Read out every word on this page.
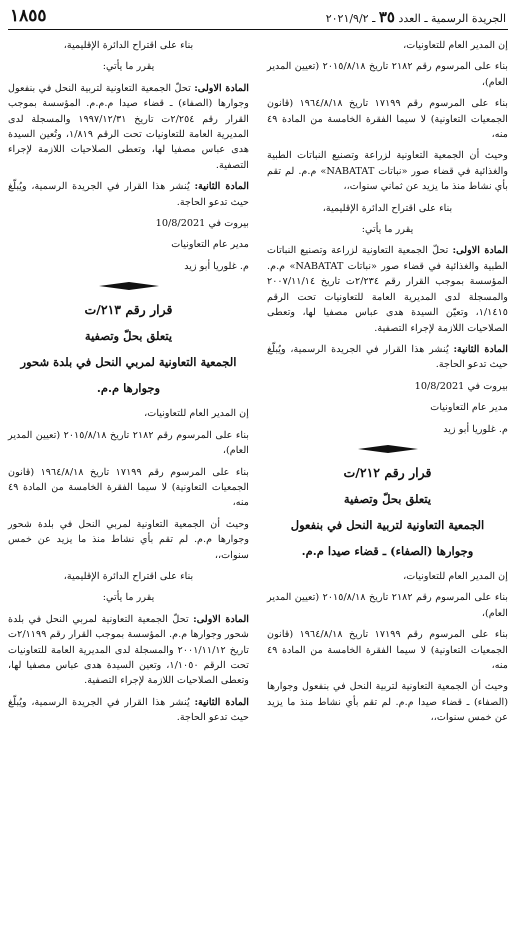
الجريدة الرسمية ـ العدد ٣٥ ـ ٢٠٢١/٩/٢
١٨٥٥

إن المدير العام للتعاونيات،

بناء على المرسوم رقم ٢١٨٢ تاريخ ٢٠١٥/٨/١٨ (تعيين المدير العام)،

بناء على المرسوم رقم ١٧١٩٩ تاريخ ١٩٦٤/٨/١٨ (قانون الجمعيات التعاونية) لا سيما الفقرة الخامسة من المادة ٤٩ منه،

وحيث أن الجمعية التعاونية لزراعة وتصنيع النباتات الطبية والغذائية في قضاء صور «نباتات NABATAT» م.م. لم تقم بأي نشاط منذ ما يزيد عن ثماني سنوات،،

بناء على اقتراح الدائرة الإقليمية،

يقرر ما يأتي:

المادة الاولى: تحلّ الجمعية التعاونية لزراعة وتصنيع النباتات الطبية والغذائية في قضاء صور «نباتات NABATAT» م.م. المؤسسة بموجب القرار رقم ٢/٢٣٤ت تاريخ ٢٠٠٧/١١/١٤ والمسجلة لدى المديرية العامة للتعاونيات تحت الرقم ١/١٤١٥، وتعيّن السيدة هدى عباس مصفيا لها، وتعطى الصلاحيات اللازمة لإجراء التصفية.

المادة الثانية: يُنشر هذا القرار في الجريدة الرسمية، ويُبلّغ حيث تدعو الحاجة.

بيروت في 10/8/2021

مدير عام التعاونيات

م. غلوريا أبو زيد

قرار رقم ٢١٢/ت

يتعلق بحلّ وتصفية

الجمعية التعاونية لتربية النحل في بنفعول

وجوارها (الصفاء) ـ قضاء صيدا م.م.

إن المدير العام للتعاونيات،

بناء على المرسوم رقم ٢١٨٢ تاريخ ٢٠١٥/٨/١٨ (تعيين المدير العام)،

بناء على المرسوم رقم ١٧١٩٩ تاريخ ١٩٦٤/٨/١٨ (قانون الجمعيات التعاونية) لا سيما الفقرة الخامسة من المادة ٤٩ منه،

وحيث أن الجمعية التعاونية لتربية النحل في بنفعول وجوارها (الصفاء) ـ قضاء صيدا م.م. لم تقم بأي نشاط منذ ما يزيد عن خمس سنوات،،

بناء على اقتراح الدائرة الإقليمية،

يقرر ما يأتي:

المادة الاولى: تحلّ الجمعية التعاونية لتربية النحل في بنفعول وجوارها (الصفاء) ـ قضاء صيدا م.م.م. المؤسسة بموجب القرار رقم ٢/٢٥٤ت تاريخ ١٩٩٧/١٢/٣١ والمسجلة لدى المديرية العامة للتعاونيات تحت الرقم ١/٨١٩، وتُعين السيدة هدى عباس مصفيا لها، وتعطى الصلاحيات اللازمة لإجراء التصفية.

المادة الثانية: يُنشر هذا القرار في الجريدة الرسمية، ويُبلّغ حيث تدعو الحاجة.

بيروت في 10/8/2021

مدير عام التعاونيات

م. غلوريا أبو زيد

قرار رقم ٢١٣/ت

يتعلق بحلّ وتصفية

الجمعية التعاونية لمربي النحل في بلدة شحور

وجوارها م.م.

إن المدير العام للتعاونيات،

بناء على المرسوم رقم ٢١٨٢ تاريخ ٢٠١٥/٨/١٨ (تعيين المدير العام)،

بناء على المرسوم رقم ١٧١٩٩ تاريخ ١٩٦٤/٨/١٨ (قانون الجمعيات التعاونية) لا سيما الفقرة الخامسة من المادة ٤٩ منه،

وحيث أن الجمعية التعاونية لمربي النحل في بلدة شحور وجوارها م.م. لم تقم بأي نشاط منذ ما يزيد عن خمس سنوات،،

بناء على اقتراح الدائرة الإقليمية،

يقرر ما يأتي:

المادة الاولى: تحلّ الجمعية التعاونية لمربي النحل في بلدة شحور وجوارها م.م. المؤسسة بموجب القرار رقم ٢/١١٩٩ت تاريخ ٢٠٠١/١١/١٢ والمسجلة لدى المديرية العامة للتعاونيات تحت الرقم ١/١٠٥٠، وتعين السيدة هدى عباس مصفيا لها، وتعطى الصلاحيات اللازمة لإجراء التصفية.

المادة الثانية: يُنشر هذا القرار في الجريدة الرسمية، ويُبلّغ حيث تدعو الحاجة.
